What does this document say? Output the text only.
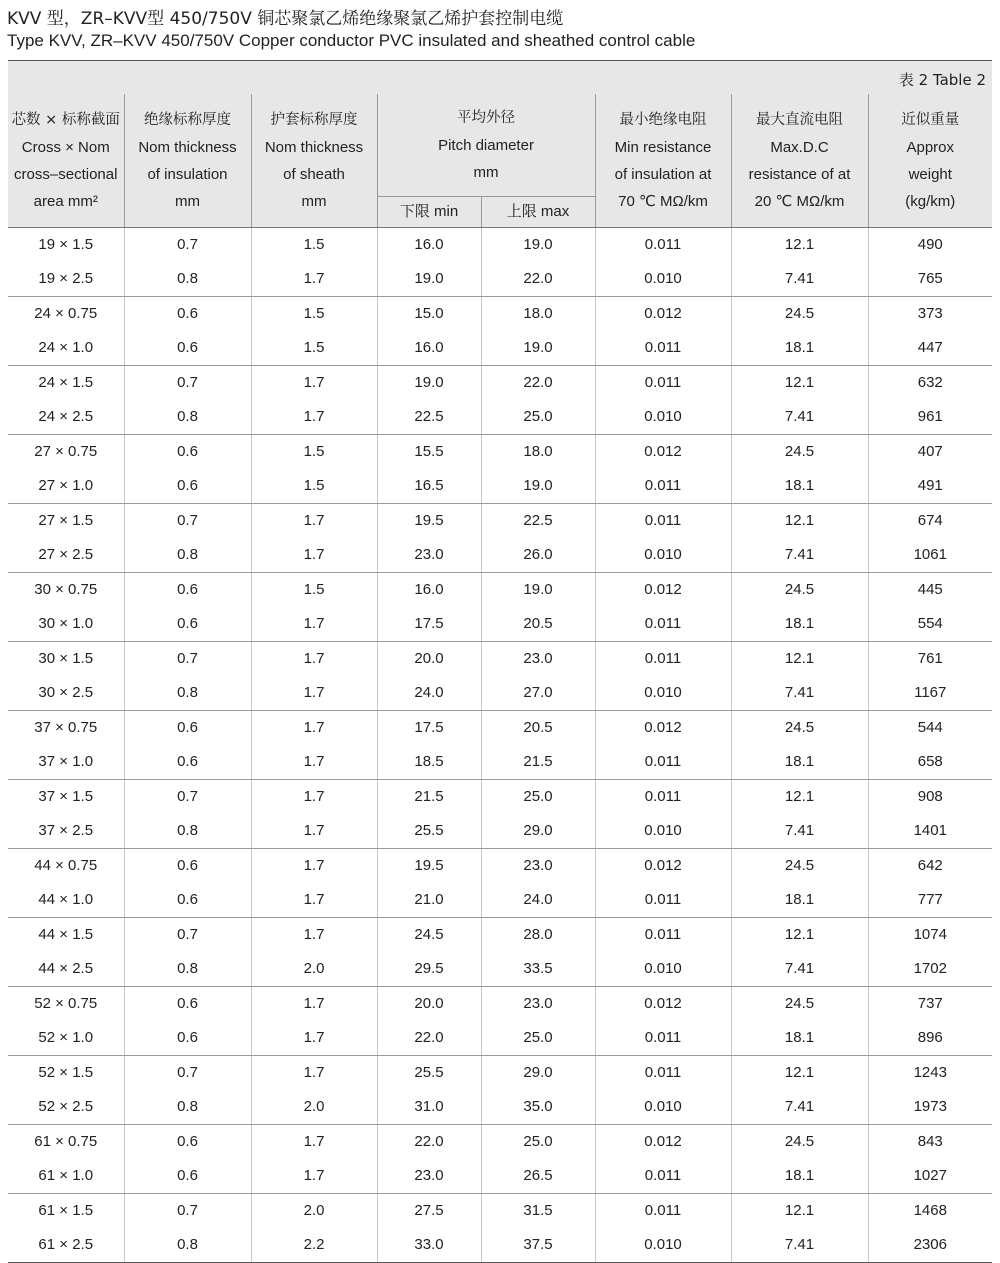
KVV 型，ZR–KVV型 450/750V 铜芯聚氯乙烯绝缘聚氯乙烯护套控制电缆
Type KVV, ZR–KVV 450/750V Copper conductor PVC insulated and sheathed control cable
表 2 Table 2
芯数 × 标称截面
Cross × Nom
cross–sectional
area mm²	绝缘标称厚度
Nom thickness
of insulation
mm	护套标称厚度
Nom thickness
of sheath
mm	平均外径
Pitch diameter
mm		最小绝缘电阻
Min resistance
of insulation at
70 ℃ MΩ/km	最大直流电阻
Max.D.C
resistance of at
20 ℃ MΩ/km	近似重量
Approx
weight
(kg/km)

			下限 min	上限 max			
19 × 1.5	0.7	1.5	16.0	19.0	0.011	12.1	490
19 × 2.5	0.8	1.7	19.0	22.0	0.010	7.41	765
24 × 0.75	0.6	1.5	15.0	18.0	0.012	24.5	373
24 × 1.0	0.6	1.5	16.0	19.0	0.011	18.1	447
24 × 1.5	0.7	1.7	19.0	22.0	0.011	12.1	632
24 × 2.5	0.8	1.7	22.5	25.0	0.010	7.41	961
27 × 0.75	0.6	1.5	15.5	18.0	0.012	24.5	407
27 × 1.0	0.6	1.5	16.5	19.0	0.011	18.1	491
27 × 1.5	0.7	1.7	19.5	22.5	0.011	12.1	674
27 × 2.5	0.8	1.7	23.0	26.0	0.010	7.41	1061
30 × 0.75	0.6	1.5	16.0	19.0	0.012	24.5	445
30 × 1.0	0.6	1.7	17.5	20.5	0.011	18.1	554
30 × 1.5	0.7	1.7	20.0	23.0	0.011	12.1	761
30 × 2.5	0.8	1.7	24.0	27.0	0.010	7.41	1167
37 × 0.75	0.6	1.7	17.5	20.5	0.012	24.5	544
37 × 1.0	0.6	1.7	18.5	21.5	0.011	18.1	658
37 × 1.5	0.7	1.7	21.5	25.0	0.011	12.1	908
37 × 2.5	0.8	1.7	25.5	29.0	0.010	7.41	1401
44 × 0.75	0.6	1.7	19.5	23.0	0.012	24.5	642
44 × 1.0	0.6	1.7	21.0	24.0	0.011	18.1	777
44 × 1.5	0.7	1.7	24.5	28.0	0.011	12.1	1074
44 × 2.5	0.8	2.0	29.5	33.5	0.010	7.41	1702
52 × 0.75	0.6	1.7	20.0	23.0	0.012	24.5	737
52 × 1.0	0.6	1.7	22.0	25.0	0.011	18.1	896
52 × 1.5	0.7	1.7	25.5	29.0	0.011	12.1	1243
52 × 2.5	0.8	2.0	31.0	35.0	0.010	7.41	1973
61 × 0.75	0.6	1.7	22.0	25.0	0.012	24.5	843
61 × 1.0	0.6	1.7	23.0	26.5	0.011	18.1	1027
61 × 1.5	0.7	2.0	27.5	31.5	0.011	12.1	1468
61 × 2.5	0.8	2.2	33.0	37.5	0.010	7.41	2306
